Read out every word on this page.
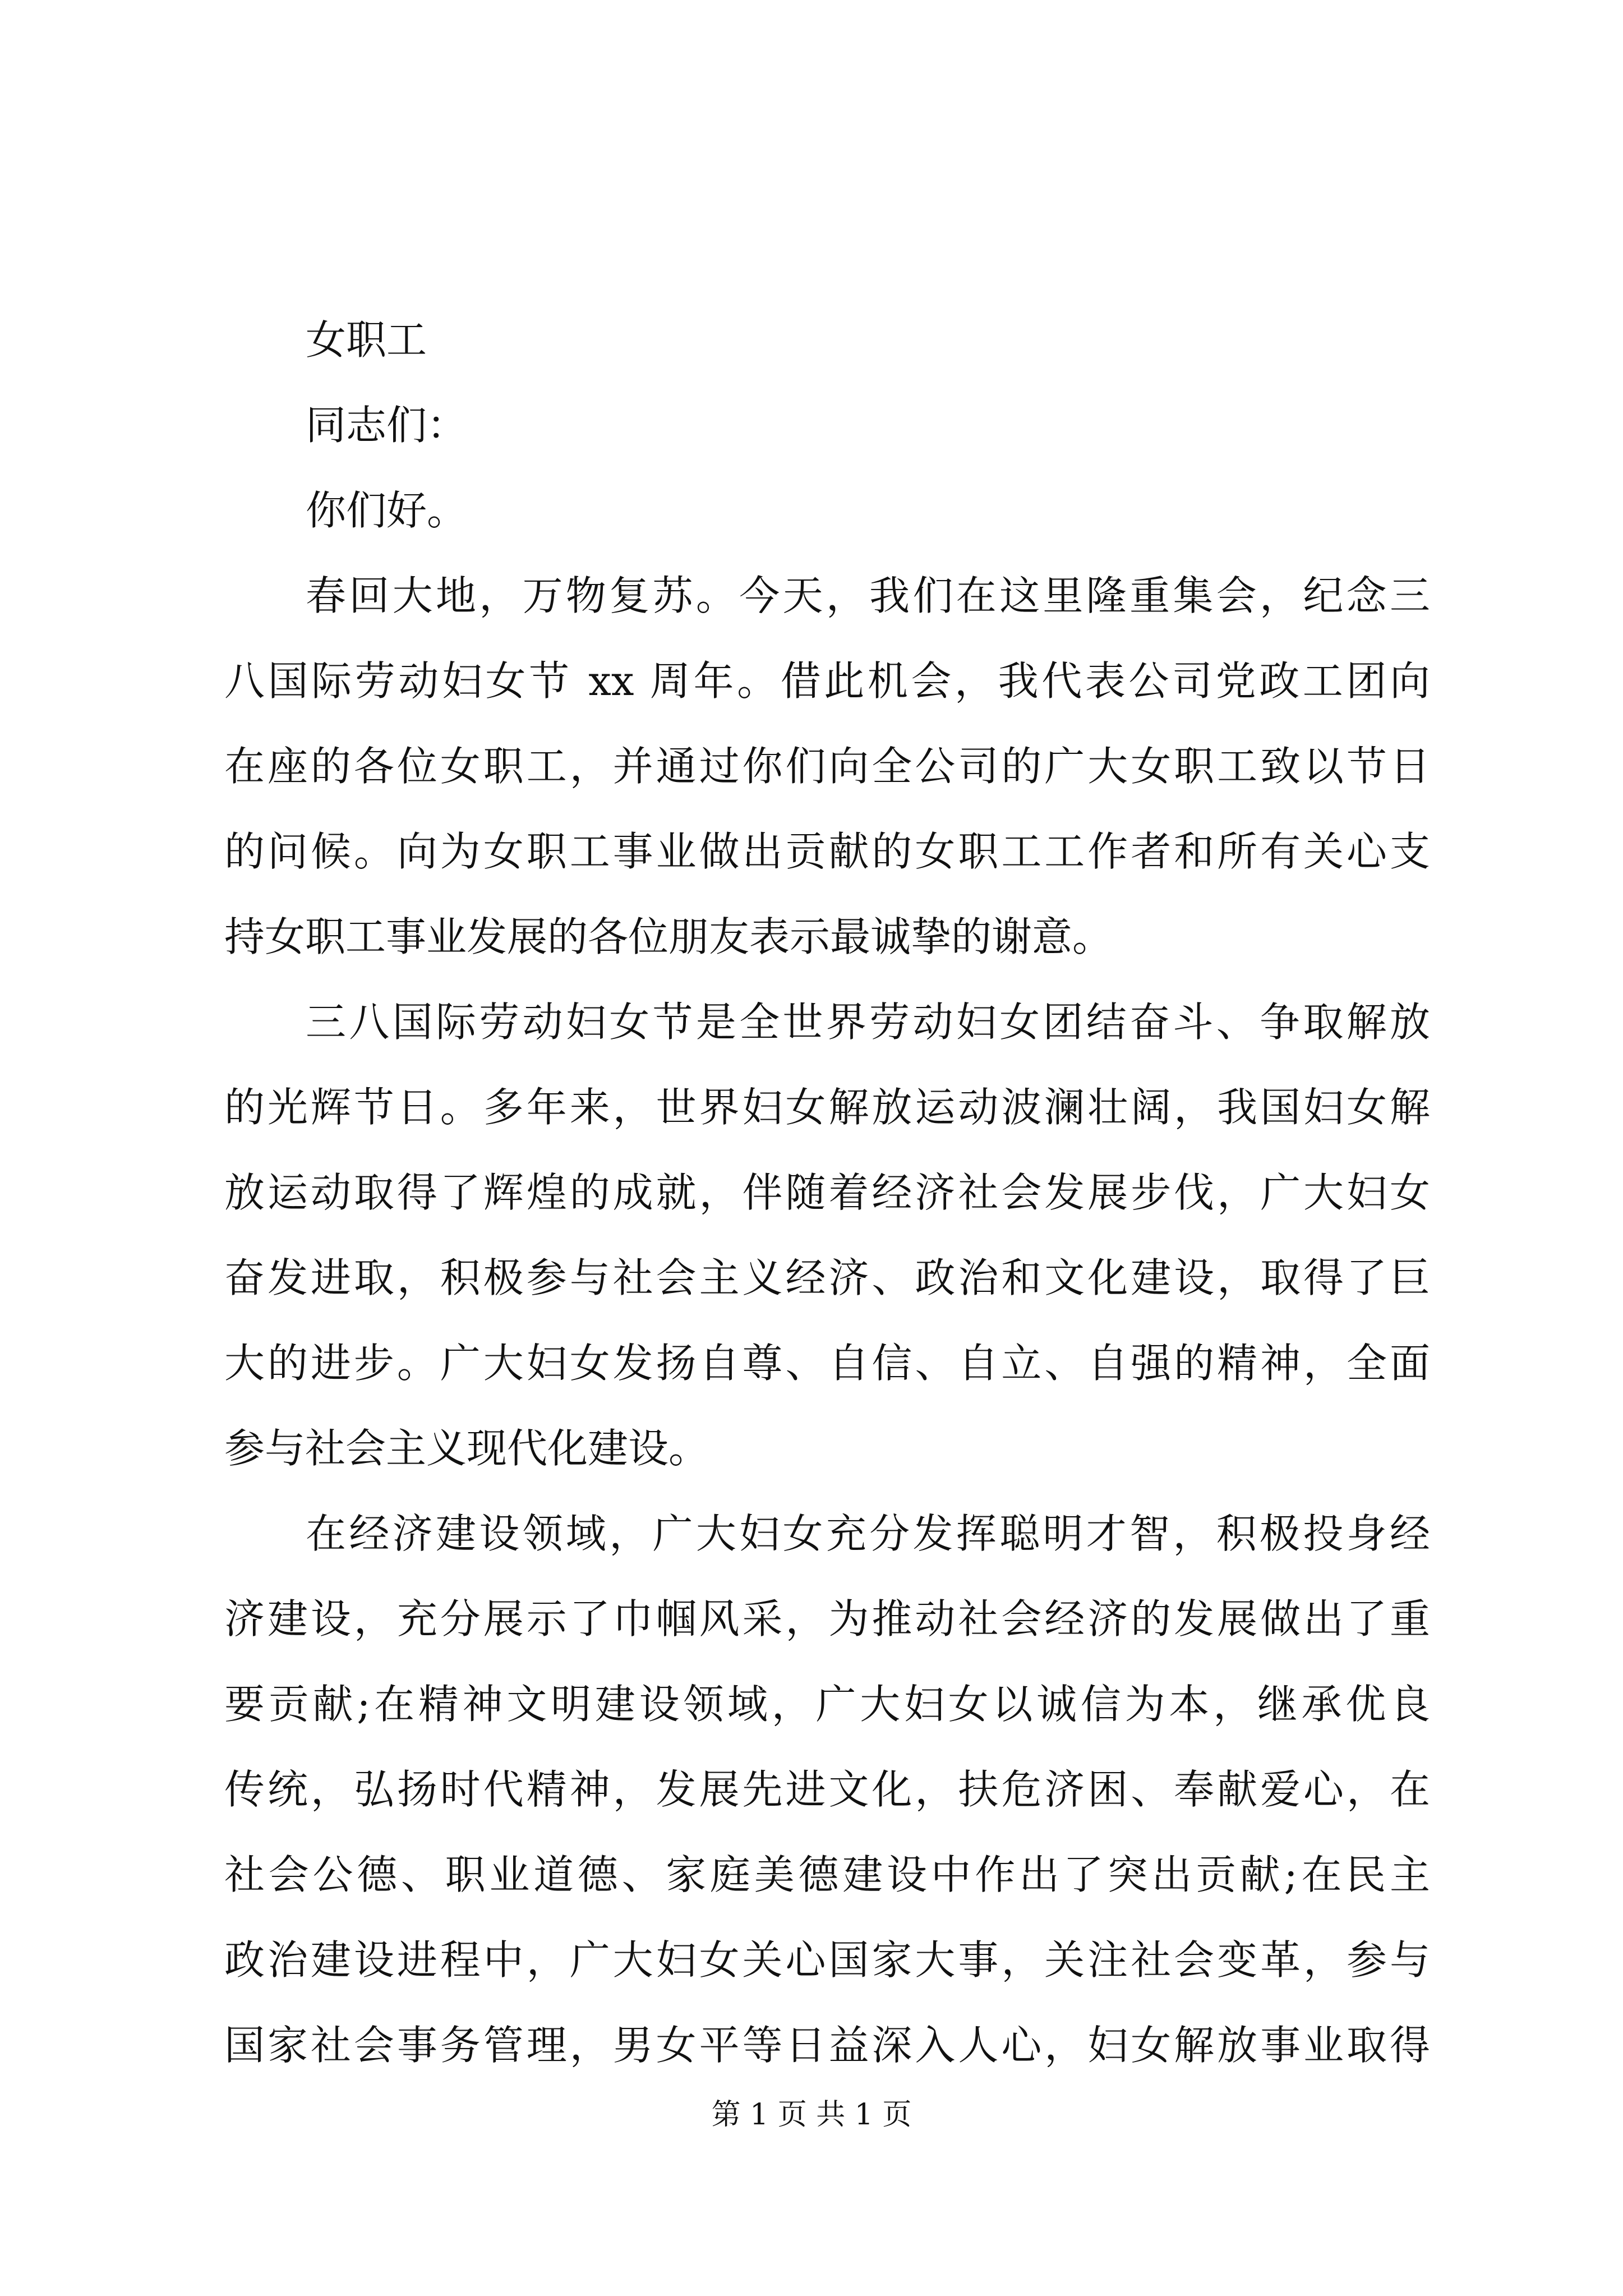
女职工
同志们：
你们好。
春回大地，万物复苏。今天，我们在这里隆重集会，纪念三
八国际劳动妇女节 xx 周年。借此机会，我代表公司党政工团向
在座的各位女职工，并通过你们向全公司的广大女职工致以节日
的问候。向为女职工事业做出贡献的女职工工作者和所有关心支
持女职工事业发展的各位朋友表示最诚挚的谢意。
三八国际劳动妇女节是全世界劳动妇女团结奋斗、争取解放
的光辉节日。多年来，世界妇女解放运动波澜壮阔，我国妇女解
放运动取得了辉煌的成就，伴随着经济社会发展步伐，广大妇女
奋发进取，积极参与社会主义经济、政治和文化建设，取得了巨
大的进步。广大妇女发扬自尊、自信、自立、自强的精神，全面
参与社会主义现代化建设。
在经济建设领域，广大妇女充分发挥聪明才智，积极投身经
济建设，充分展示了巾帼风采，为推动社会经济的发展做出了重
要贡献;在精神文明建设领域，广大妇女以诚信为本，继承优良
传统，弘扬时代精神，发展先进文化，扶危济困、奉献爱心，在
社会公德、职业道德、家庭美德建设中作出了突出贡献;在民主
政治建设进程中，广大妇女关心国家大事，关注社会变革，参与
国家社会事务管理，男女平等日益深入人心，妇女解放事业取得
第 1 页 共 1 页
